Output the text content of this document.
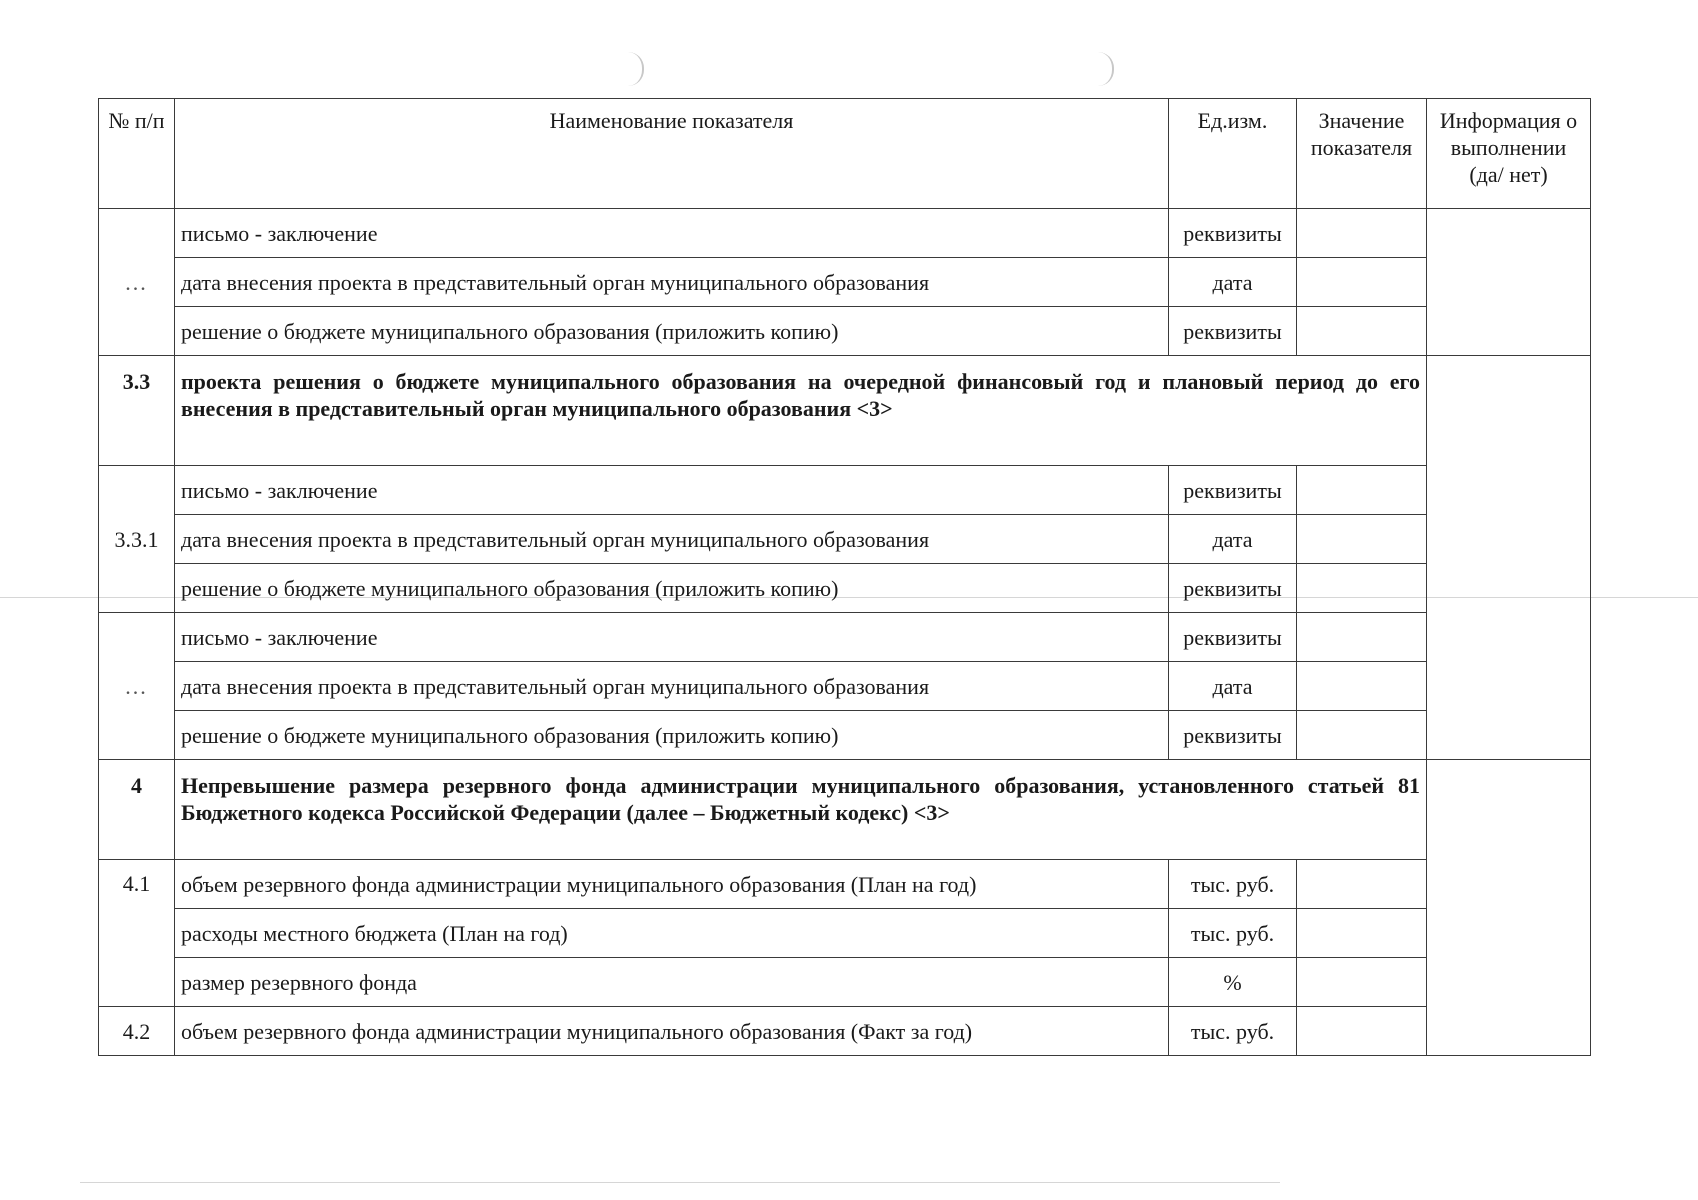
№ п/п	Наименование показателя	Ед.изм.	Значение показателя	Информация о выполнении (да/ нет)
...	письмо - заключение	реквизиты		
	дата внесения проекта в представительный орган муниципального образования	дата		
	решение о бюджете муниципального образования (приложить копию)	реквизиты		
3.3	проекта решения о бюджете муниципального образования на очередной финансовый год и плановый период до его внесения в представительный орган муниципального образования <3>			
3.3.1	письмо - заключение	реквизиты		
	дата внесения проекта в представительный орган муниципального образования	дата		
	решение о бюджете муниципального образования (приложить копию)	реквизиты		
...	письмо - заключение	реквизиты		
	дата внесения проекта в представительный орган муниципального образования	дата		
	решение о бюджете муниципального образования (приложить копию)	реквизиты		
4	Непревышение размера резервного фонда администрации муниципального образования, установленного статьей 81 Бюджетного кодекса Российской Федерации (далее – Бюджетный кодекс) <3>			
4.1	объем резервного фонда администрации муниципального образования (План на год)	тыс. руб.		
	расходы местного бюджета (План на год)	тыс. руб.		
	размер резервного фонда	%		
4.2	объем резервного фонда администрации муниципального образования (Факт за год)	тыс. руб.		
